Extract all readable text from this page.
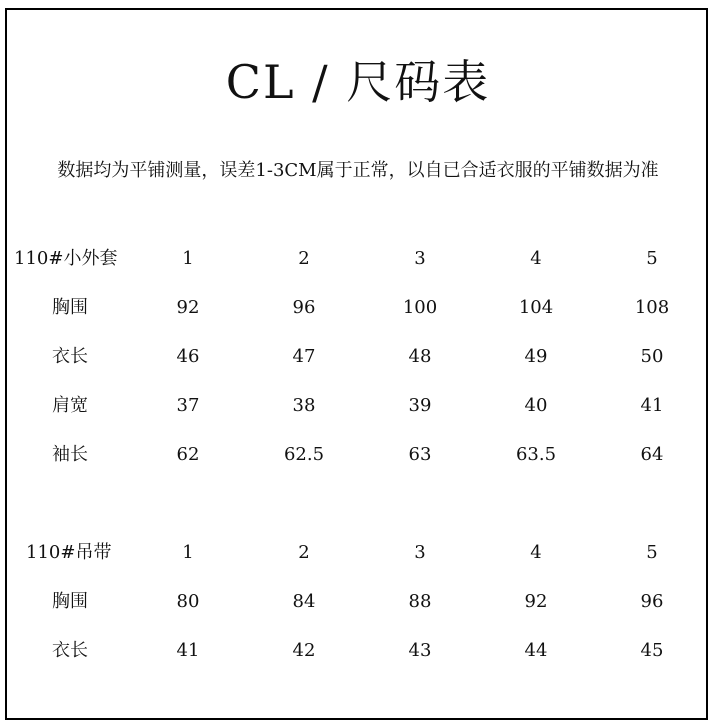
CL / 尺码表
数据均为平铺测量，误差1-3CM属于正常，以自已合适衣服的平铺数据为准
110#小外套	1	2	3	4	5
胸围	92	96	100	104	108
衣长	46	47	48	49	50
肩宽	37	38	39	40	41
袖长	62	62.5	63	63.5	64
110#吊带	1	2	3	4	5
胸围	80	84	88	92	96
衣长	41	42	43	44	45
